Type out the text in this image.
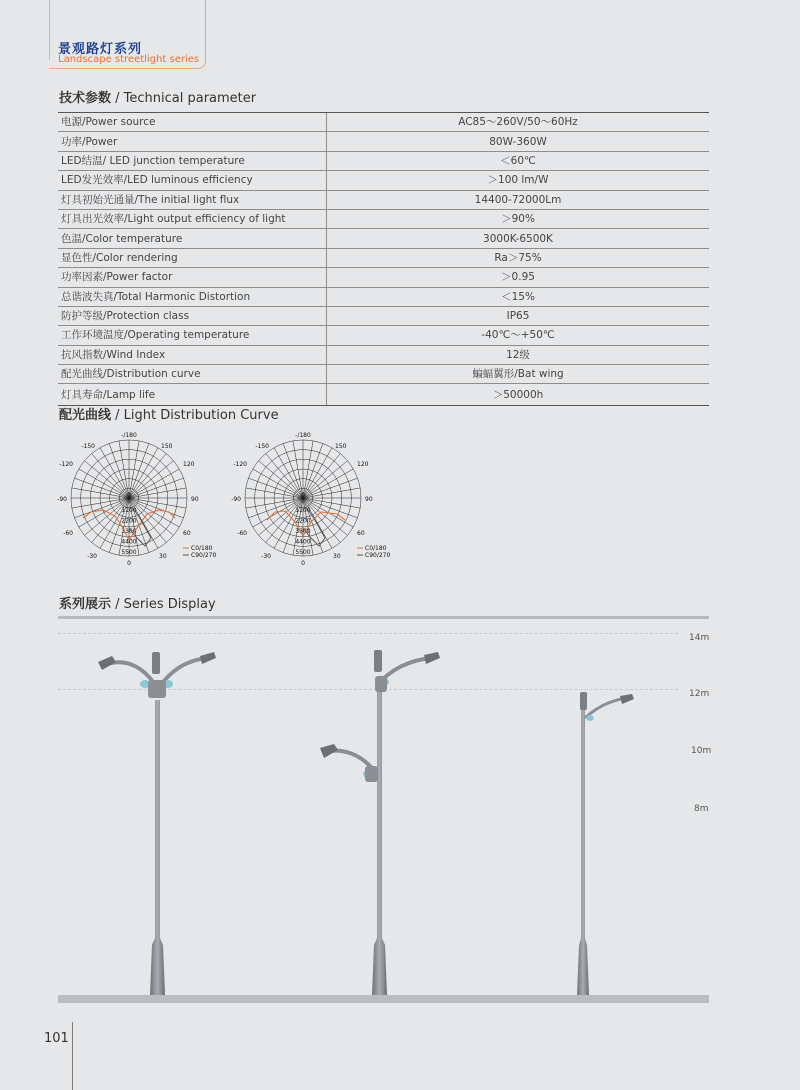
景观路灯系列
Landscape streetlight series
技术参数 / Technical parameter
电源/Power source	AC85～260V/50～60Hz
功率/Power	80W-360W
LED结温/ LED junction temperature	＜60℃
LED发光效率/LED luminous efficiency	＞100 lm/W
灯具初始光通量/The initial light flux	14400-72000Lm
灯具出光效率/Light output efficiency of light	＞90%
色温/Color temperature	3000K-6500K
显色性/Color rendering	Ra＞75%
功率因素/Power factor	＞0.95
总谐波失真/Total Harmonic Distortion	＜15%
防护等级/Protection class	IP65
工作环境温度/Operating temperature	-40℃～+50℃
抗风指数/Wind Index	12级
配光曲线/Distribution curve	蝙蝠翼形/Bat wing
灯具寿命/Lamp life	＞50000h
配光曲线 / Light Distribution Curve
-/180
-150	150
-120	120
-90	90
-60	60
-30	30
0
0
1100
2200
3300
4400
5500
C0/180
C90/270
-/180
-150	150
-120	120
-90	90
-60	60
-30	30
0
0
1100
2200
3300
4400
5500
C0/180
C90/270
系列展示 / Series Display
14m
12m
10m
8m
101
